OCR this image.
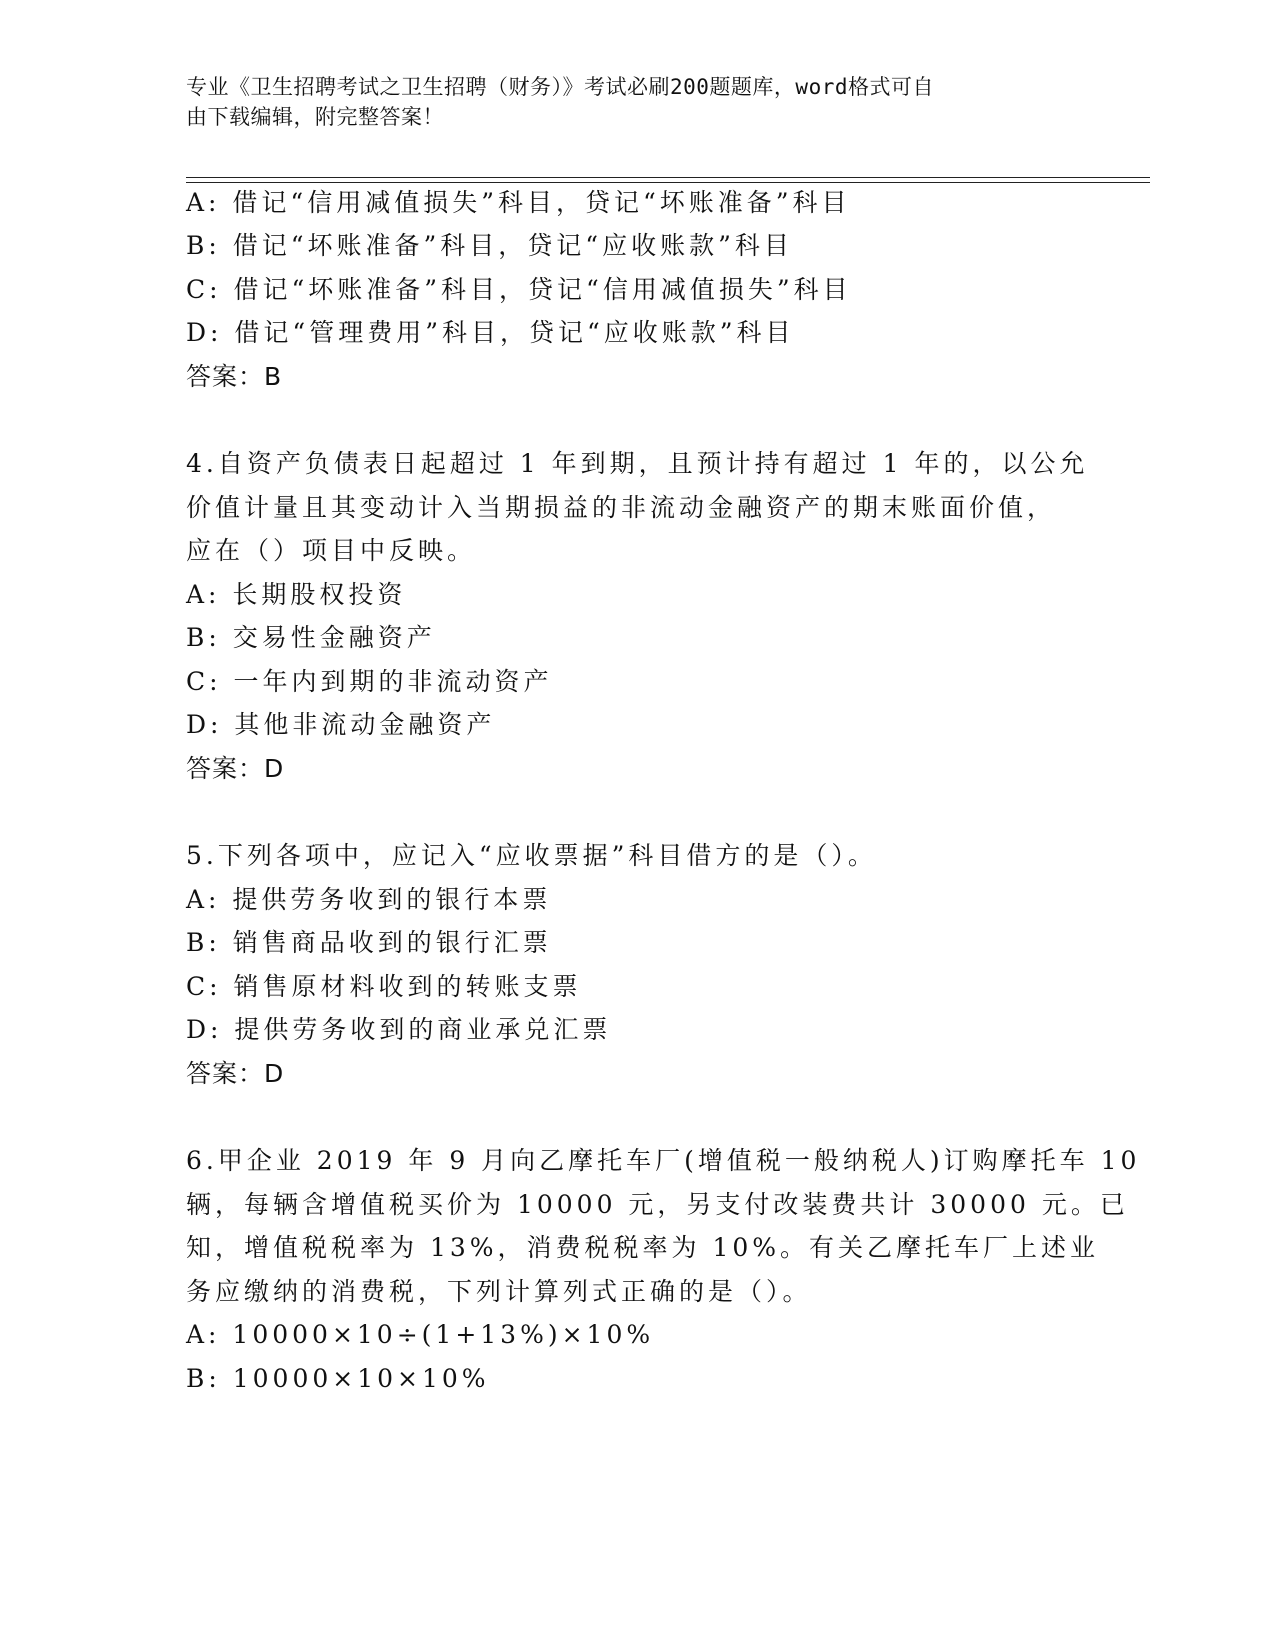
专业《卫生招聘考试之卫生招聘（财务）》考试必刷200题题库，word格式可自
由下载编辑，附完整答案！
A: 借记“信用减值损失”科目，贷记“坏账准备”科目
B: 借记“坏账准备”科目，贷记“应收账款”科目
C: 借记“坏账准备”科目，贷记“信用减值损失”科目
D: 借记“管理费用”科目，贷记“应收账款”科目
答案：B
4.自资产负债表日起超过 1 年到期，且预计持有超过 1 年的，以公允
价值计量且其变动计入当期损益的非流动金融资产的期末账面价值，
应在（）项目中反映。
A: 长期股权投资
B: 交易性金融资产
C: 一年内到期的非流动资产
D: 其他非流动金融资产
答案：D
5.下列各项中，应记入“应收票据”科目借方的是（）。
A: 提供劳务收到的银行本票
B: 销售商品收到的银行汇票
C: 销售原材料收到的转账支票
D: 提供劳务收到的商业承兑汇票
答案：D
6.甲企业 2019 年 9 月向乙摩托车厂(增值税一般纳税人)订购摩托车 10
辆，每辆含增值税买价为 10000 元，另支付改装费共计 30000 元。已
知，增值税税率为 13%，消费税税率为 10%。有关乙摩托车厂上述业
务应缴纳的消费税，下列计算列式正确的是（）。
A: 10000×10÷(1+13%)×10%
B: 10000×10×10%
